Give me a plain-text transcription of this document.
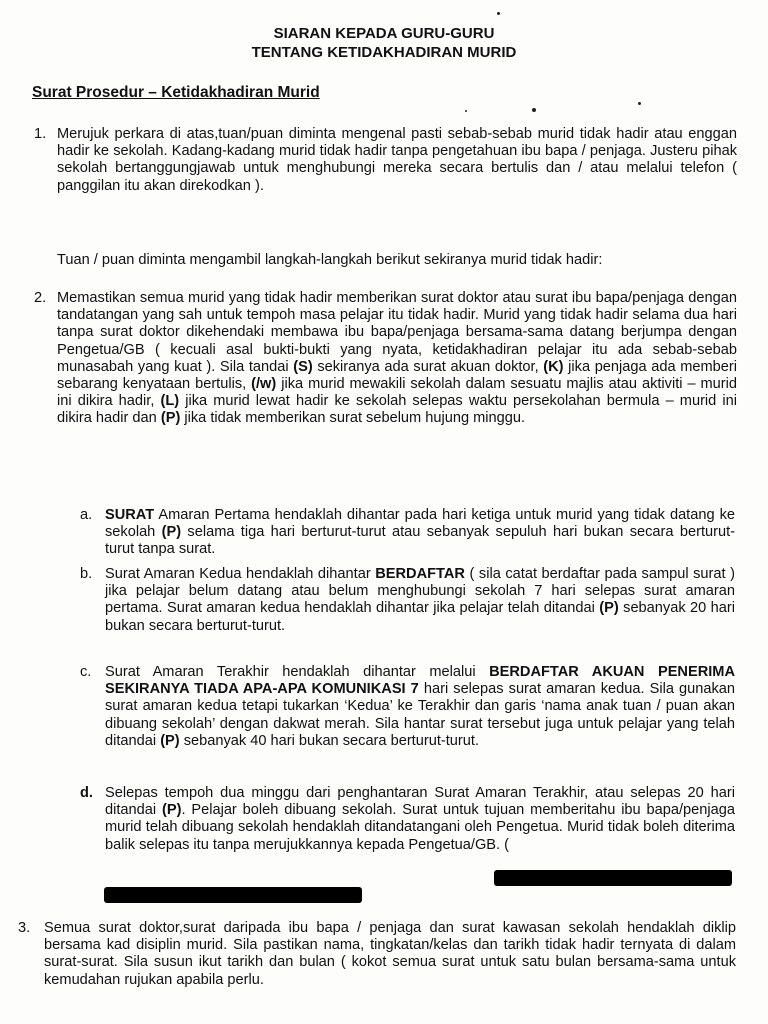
SIARAN KEPADA GURU-GURU
TENTANG KETIDAKHADIRAN MURID
Surat Prosedur – Ketidakhadiran Murid
1. Merujuk perkara di atas,tuan/puan diminta mengenal pasti sebab-sebab murid tidak hadir atau enggan hadir ke sekolah. Kadang-kadang murid tidak hadir tanpa pengetahuan ibu bapa / penjaga. Justeru pihak sekolah bertanggungjawab untuk menghubungi mereka secara bertulis dan / atau melalui telefon ( panggilan itu akan direkodkan ).
Tuan / puan diminta mengambil langkah-langkah berikut sekiranya murid tidak hadir:
2. Memastikan semua murid yang tidak hadir memberikan surat doktor atau surat ibu bapa/penjaga dengan tandatangan yang sah untuk tempoh masa pelajar itu tidak hadir. Murid yang tidak hadir selama dua hari tanpa surat doktor dikehendaki membawa ibu bapa/penjaga bersama-sama datang berjumpa dengan Pengetua/GB ( kecuali asal bukti-bukti yang nyata, ketidakhadiran pelajar itu ada sebab-sebab munasabah yang kuat ). Sila tandai (S) sekiranya ada surat akuan doktor, (K) jika penjaga ada memberi sebarang kenyataan bertulis, (/w) jika murid mewakili sekolah dalam sesuatu majlis atau aktiviti – murid ini dikira hadir, (L) jika murid lewat hadir ke sekolah selepas waktu persekolahan bermula – murid ini dikira hadir dan (P) jika tidak memberikan surat sebelum hujung minggu.
a. SURAT Amaran Pertama hendaklah dihantar pada hari ketiga untuk murid yang tidak datang ke sekolah (P) selama tiga hari berturut-turut atau sebanyak sepuluh hari bukan secara berturut-turut tanpa surat.
b. Surat Amaran Kedua hendaklah dihantar BERDAFTAR ( sila catat berdaftar pada sampul surat ) jika pelajar belum datang atau belum menghubungi sekolah 7 hari selepas surat amaran pertama. Surat amaran kedua hendaklah dihantar jika pelajar telah ditandai (P) sebanyak 20 hari bukan secara berturut-turut.
c. Surat Amaran Terakhir hendaklah dihantar melalui BERDAFTAR AKUAN PENERIMA SEKIRANYA TIADA APA-APA KOMUNIKASI 7 hari selepas surat amaran kedua. Sila gunakan surat amaran kedua tetapi tukarkan ‘Kedua’ ke Terakhir dan garis ‘nama anak tuan / puan akan dibuang sekolah’ dengan dakwat merah. Sila hantar surat tersebut juga untuk pelajar yang telah ditandai (P) sebanyak 40 hari bukan secara berturut-turut.
d. Selepas tempoh dua minggu dari penghantaran Surat Amaran Terakhir, atau selepas 20 hari ditandai (P). Pelajar boleh dibuang sekolah. Surat untuk tujuan memberitahu ibu bapa/penjaga murid telah dibuang sekolah hendaklah ditandatangani oleh Pengetua. Murid tidak boleh diterima balik selepas itu tanpa merujukkannya kepada Pengetua/GB. (
3. Semua surat doktor,surat daripada ibu bapa / penjaga dan surat kawasan sekolah hendaklah diklip bersama kad disiplin murid. Sila pastikan nama, tingkatan/kelas dan tarikh tidak hadir ternyata di dalam surat-surat. Sila susun ikut tarikh dan bulan ( kokot semua surat untuk satu bulan bersama-sama untuk kemudahan rujukan apabila perlu.
